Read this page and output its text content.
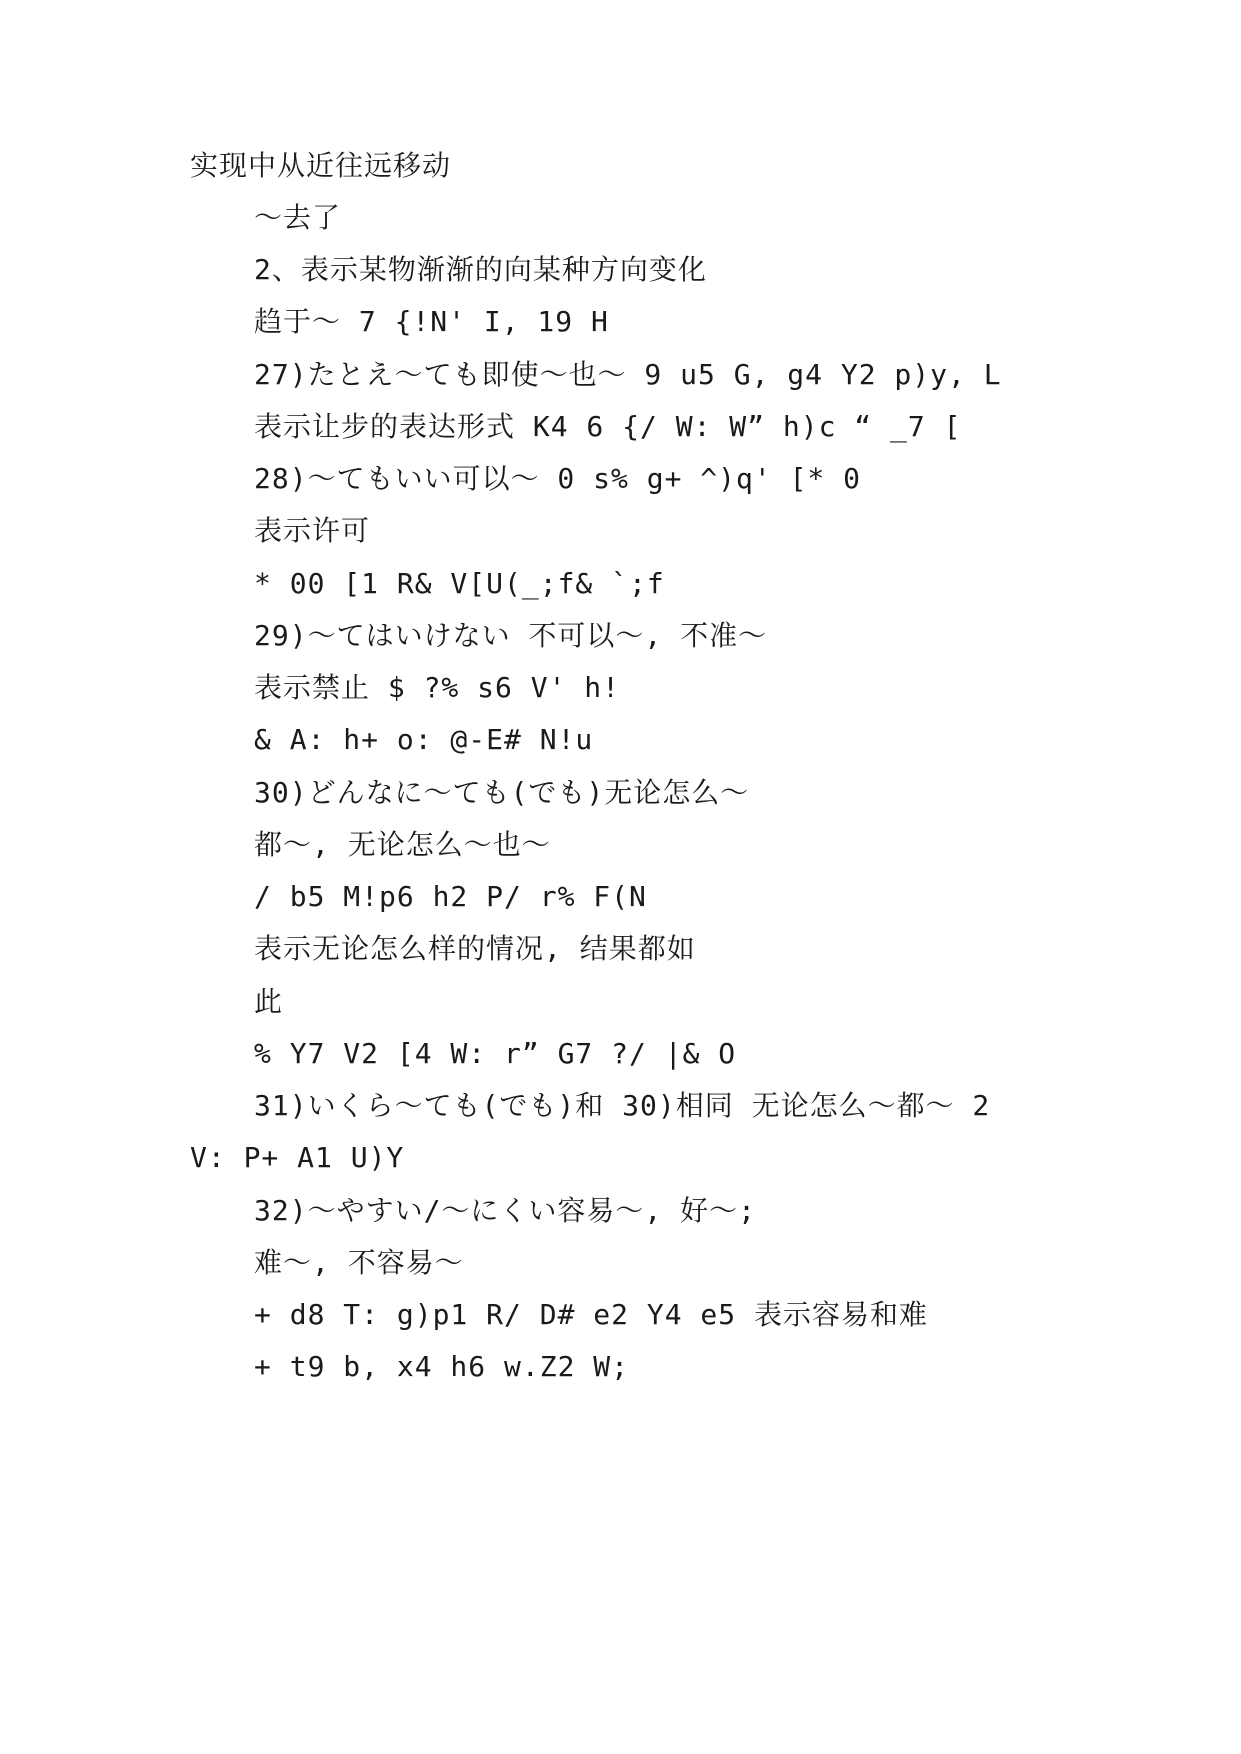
实现中从近往远移动
～去了
2、表示某物渐渐的向某种方向变化
趋于～ 7 {!N' I, 19 H
27)たとえ～ても即使～也～ 9 u5 G, g4 Y2 p)y, L
表示让步的表达形式 K4 6 {/ W: W” h)c “ _7 [
28)～てもいい可以～ 0 s% g+ ^)q' [* 0
表示许可
* 00 [1 R& V[U(_;f& `;f
29)～てはいけない 不可以～, 不准～
表示禁止 $ ?% s6 V' h!
& A: h+ o: @-E# N!u
30)どんなに～ても(でも)无论怎么～
都～, 无论怎么～也～
/ b5 M!p6 h2 P/ r% F(N
表示无论怎么样的情况, 结果都如
此
% Y7 V2 [4 W: r” G7 ?/ |& O
31)いくら～ても(でも)和 30)相同 无论怎么～都～ 2
V: P+ A1 U)Y
32)～やすい/～にくい容易～, 好～;
难～, 不容易～
+ d8 T: g)p1 R/ D# e2 Y4 e5 表示容易和难
+ t9 b, x4 h6 w.Z2 W;
